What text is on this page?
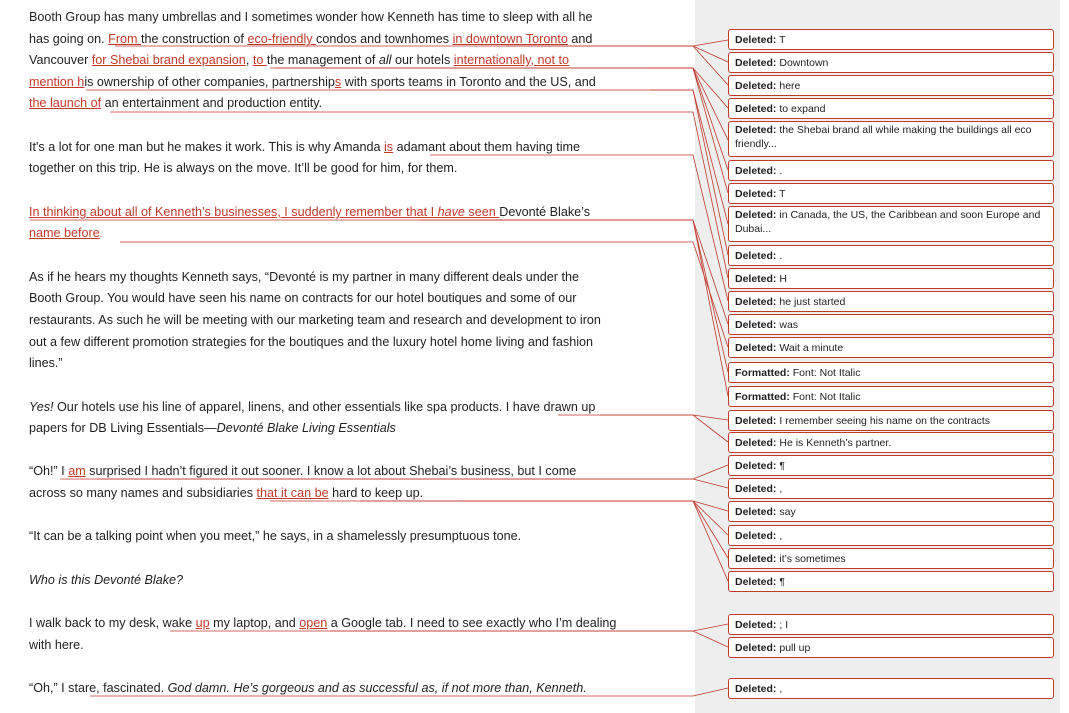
Booth Group has many umbrellas and I sometimes wonder how Kenneth has time to sleep with all he
has going on. From the construction of eco-friendly condos and townhomes in downtown Toronto and
Vancouver for Shebai brand expansion, to the management of all our hotels internationally, not to
mention his ownership of other companies, partnerships with sports teams in Toronto and the US, and
the launch of an entertainment and production entity.
It's a lot for one man but he makes it work. This is why Amanda is adamant about them having time
together on this trip. He is always on the move. It’ll be good for him, for them.
In thinking about all of Kenneth’s businesses, I suddenly remember that I have seen Devonté Blake’s
name before.
As if he hears my thoughts Kenneth says, “Devonté is my partner in many different deals under the
Booth Group. You would have seen his name on contracts for our hotel boutiques and some of our
restaurants. As such he will be meeting with our marketing team and research and development to iron
out a few different promotion strategies for the boutiques and the luxury hotel home living and fashion
lines.”
Yes! Our hotels use his line of apparel, linens, and other essentials like spa products. I have drawn up
papers for DB Living Essentials—Devonté Blake Living Essentials
“Oh!” I am surprised I hadn’t figured it out sooner. I know a lot about Shebai’s business, but I come
across so many names and subsidiaries that it can be hard to keep up.
“It can be a talking point when you meet,” he says, in a shamelessly presumptuous tone.
Who is this Devonté Blake?
I walk back to my desk, wake up my laptop, and open a Google tab. I need to see exactly who I’m dealing
with here.
“Oh,” I stare, fascinated. God damn. He’s gorgeous and as successful as, if not more than, Kenneth.
Deleted: T
Deleted: Downtown
Deleted: here
Deleted: to expand
Deleted: the Shebai brand all while making the buildings all eco friendly...
Deleted: .
Deleted: T
Deleted: in Canada, the US, the Caribbean and soon Europe and Dubai...
Deleted: .
Deleted: H
Deleted: he just started
Deleted: was
Deleted: Wait a minute
Formatted: Font: Not Italic
Formatted: Font: Not Italic
Deleted: I remember seeing his name on the contracts
Deleted: He is Kenneth’s partner.
Deleted: ¶
Deleted: ,
Deleted: say
Deleted: ,
Deleted: it’s sometimes
Deleted: ¶
Deleted: ; I
Deleted: pull up
Deleted: ,
